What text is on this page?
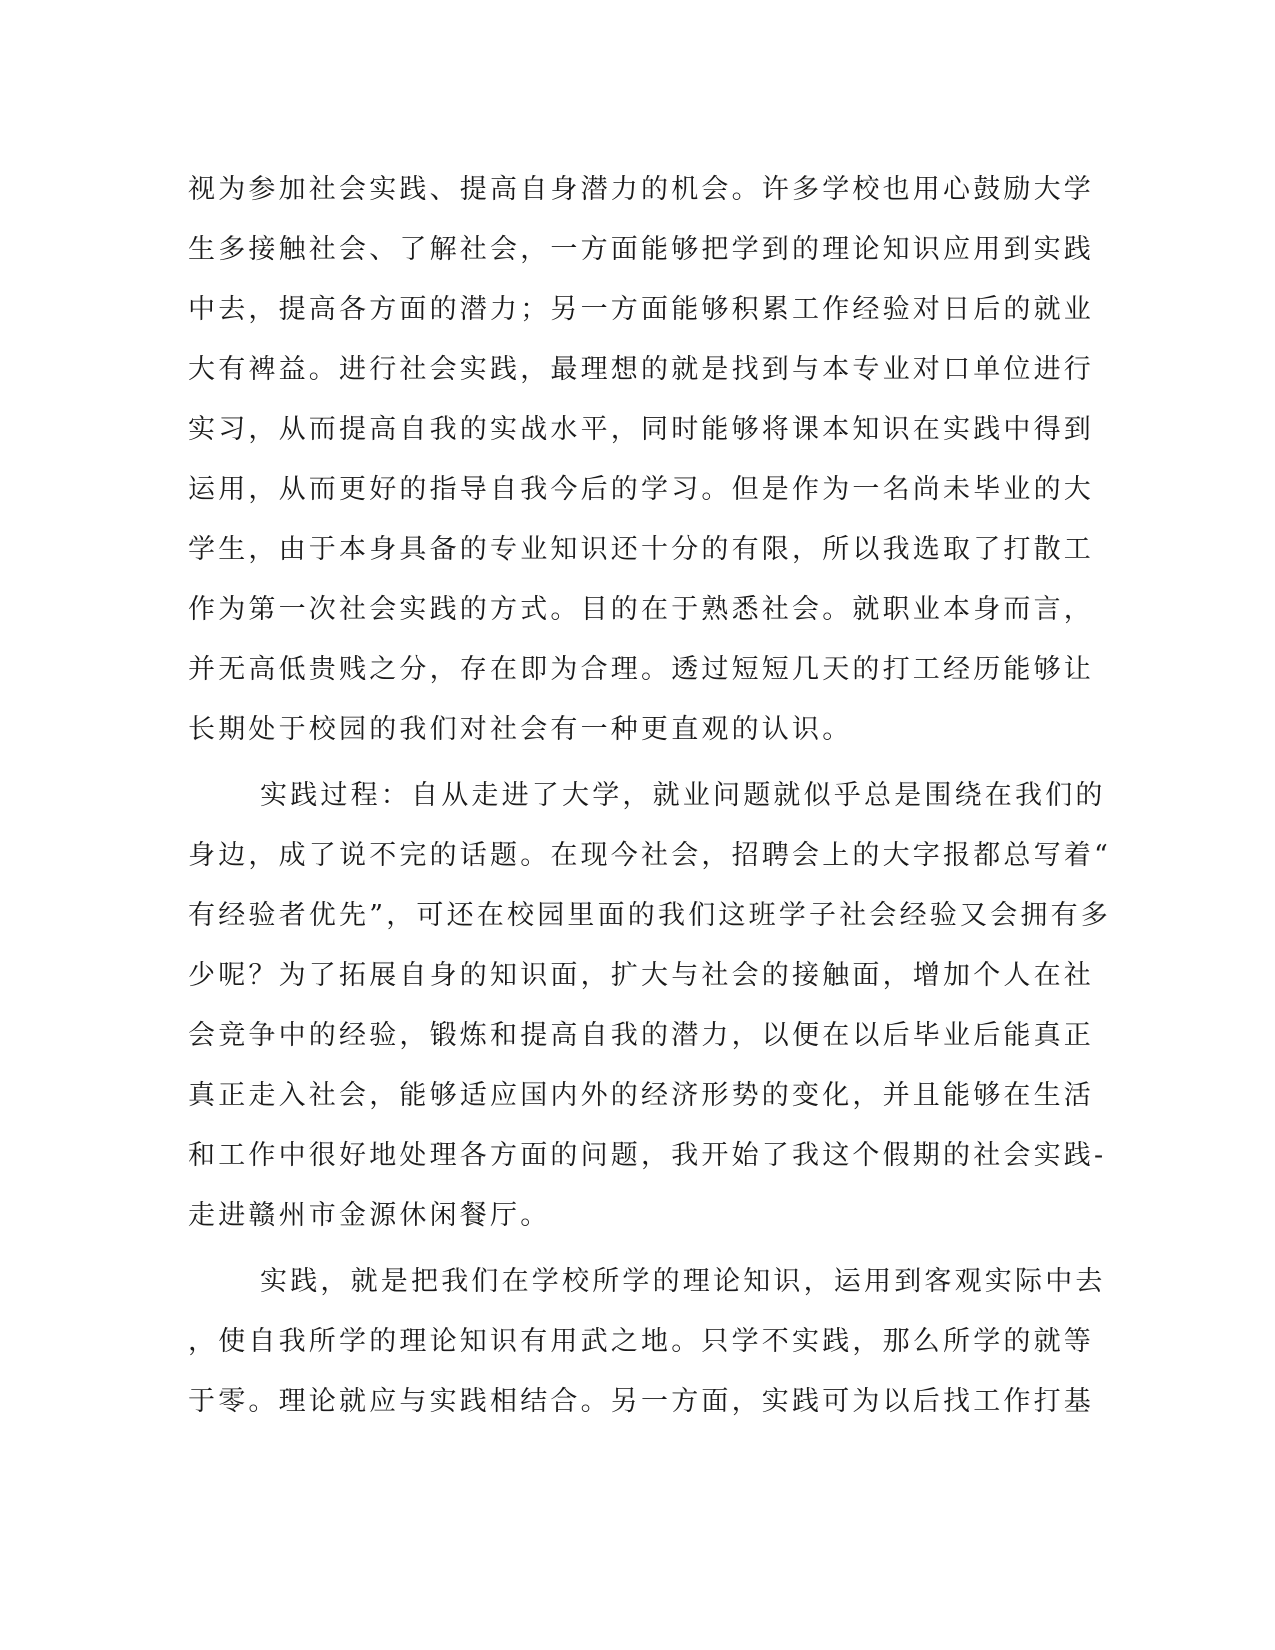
视为参加社会实践、提高自身潜力的机会。许多学校也用心鼓励大学
生多接触社会、了解社会，一方面能够把学到的理论知识应用到实践
中去，提高各方面的潜力；另一方面能够积累工作经验对日后的就业
大有裨益。进行社会实践，最理想的就是找到与本专业对口单位进行
实习，从而提高自我的实战水平，同时能够将课本知识在实践中得到
运用，从而更好的指导自我今后的学习。但是作为一名尚未毕业的大
学生，由于本身具备的专业知识还十分的有限，所以我选取了打散工
作为第一次社会实践的方式。目的在于熟悉社会。就职业本身而言，
并无高低贵贱之分，存在即为合理。透过短短几天的打工经历能够让
长期处于校园的我们对社会有一种更直观的认识。
实践过程：自从走进了大学，就业问题就似乎总是围绕在我们的
身边，成了说不完的话题。在现今社会，招聘会上的大字报都总写着“
有经验者优先”，可还在校园里面的我们这班学子社会经验又会拥有多
少呢？为了拓展自身的知识面，扩大与社会的接触面，增加个人在社
会竞争中的经验，锻炼和提高自我的潜力，以便在以后毕业后能真正
真正走入社会，能够适应国内外的经济形势的变化，并且能够在生活
和工作中很好地处理各方面的问题，我开始了我这个假期的社会实践-
走进赣州市金源休闲餐厅。
实践，就是把我们在学校所学的理论知识，运用到客观实际中去
，使自我所学的理论知识有用武之地。只学不实践，那么所学的就等
于零。理论就应与实践相结合。另一方面，实践可为以后找工作打基
